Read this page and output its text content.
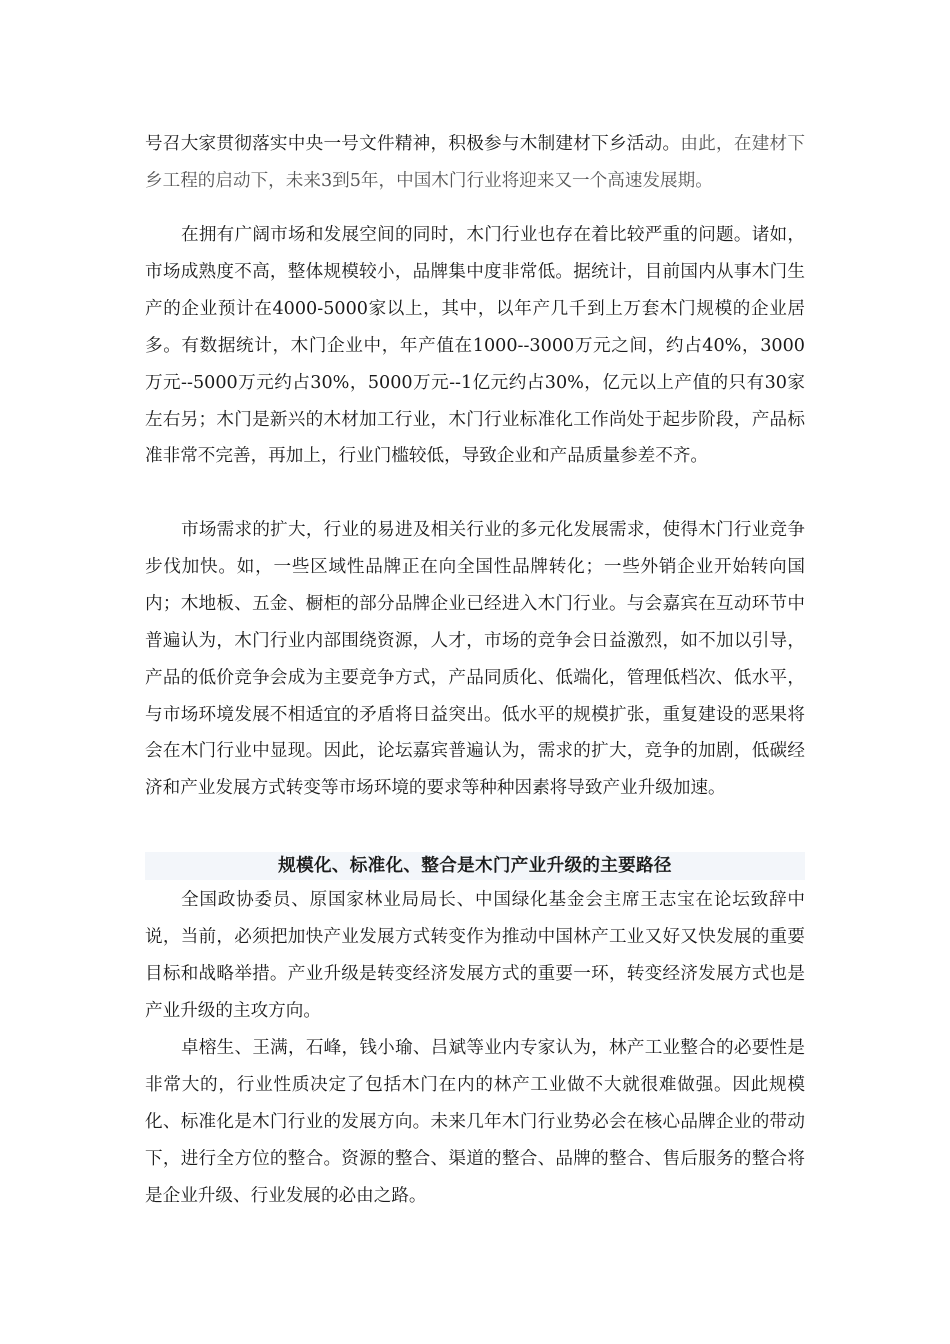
号召大家贯彻落实中央一号文件精神，积极参与木制建材下乡活动。由此，在建材下乡工程的启动下，未来3到5年，中国木门行业将迎来又一个高速发展期。

在拥有广阔市场和发展空间的同时，木门行业也存在着比较严重的问题。诸如，市场成熟度不高，整体规模较小，品牌集中度非常低。据统计，目前国内从事木门生产的企业预计在4000-5000家以上，其中，以年产几千到上万套木门规模的企业居多。有数据统计，木门企业中，年产值在1000--3000万元之间，约占40%，3000万元--5000万元约占30%，5000万元--1亿元约占30%，亿元以上产值的只有30家左右另；木门是新兴的木材加工行业，木门行业标准化工作尚处于起步阶段，产品标准非常不完善，再加上，行业门槛较低，导致企业和产品质量参差不齐。

市场需求的扩大，行业的易进及相关行业的多元化发展需求，使得木门行业竞争步伐加快。如，一些区域性品牌正在向全国性品牌转化；一些外销企业开始转向国内；木地板、五金、橱柜的部分品牌企业已经进入木门行业。与会嘉宾在互动环节中普遍认为，木门行业内部围绕资源，人才，市场的竞争会日益激烈，如不加以引导，产品的低价竞争会成为主要竞争方式，产品同质化、低端化，管理低档次、低水平，与市场环境发展不相适宜的矛盾将日益突出。低水平的规模扩张，重复建设的恶果将会在木门行业中显现。因此，论坛嘉宾普遍认为，需求的扩大，竞争的加剧，低碳经济和产业发展方式转变等市场环境的要求等种种因素将导致产业升级加速。

规模化、标准化、整合是木门产业升级的主要路径

全国政协委员、原国家林业局局长、中国绿化基金会主席王志宝在论坛致辞中说，当前，必须把加快产业发展方式转变作为推动中国林产工业又好又快发展的重要目标和战略举措。产业升级是转变经济发展方式的重要一环，转变经济发展方式也是产业升级的主攻方向。

卓榕生、王满，石峰，钱小瑜、吕斌等业内专家认为，林产工业整合的必要性是非常大的，行业性质决定了包括木门在内的林产工业做不大就很难做强。因此规模化、标准化是木门行业的发展方向。未来几年木门行业势必会在核心品牌企业的带动下，进行全方位的整合。资源的整合、渠道的整合、品牌的整合、售后服务的整合将是企业升级、行业发展的必由之路。
